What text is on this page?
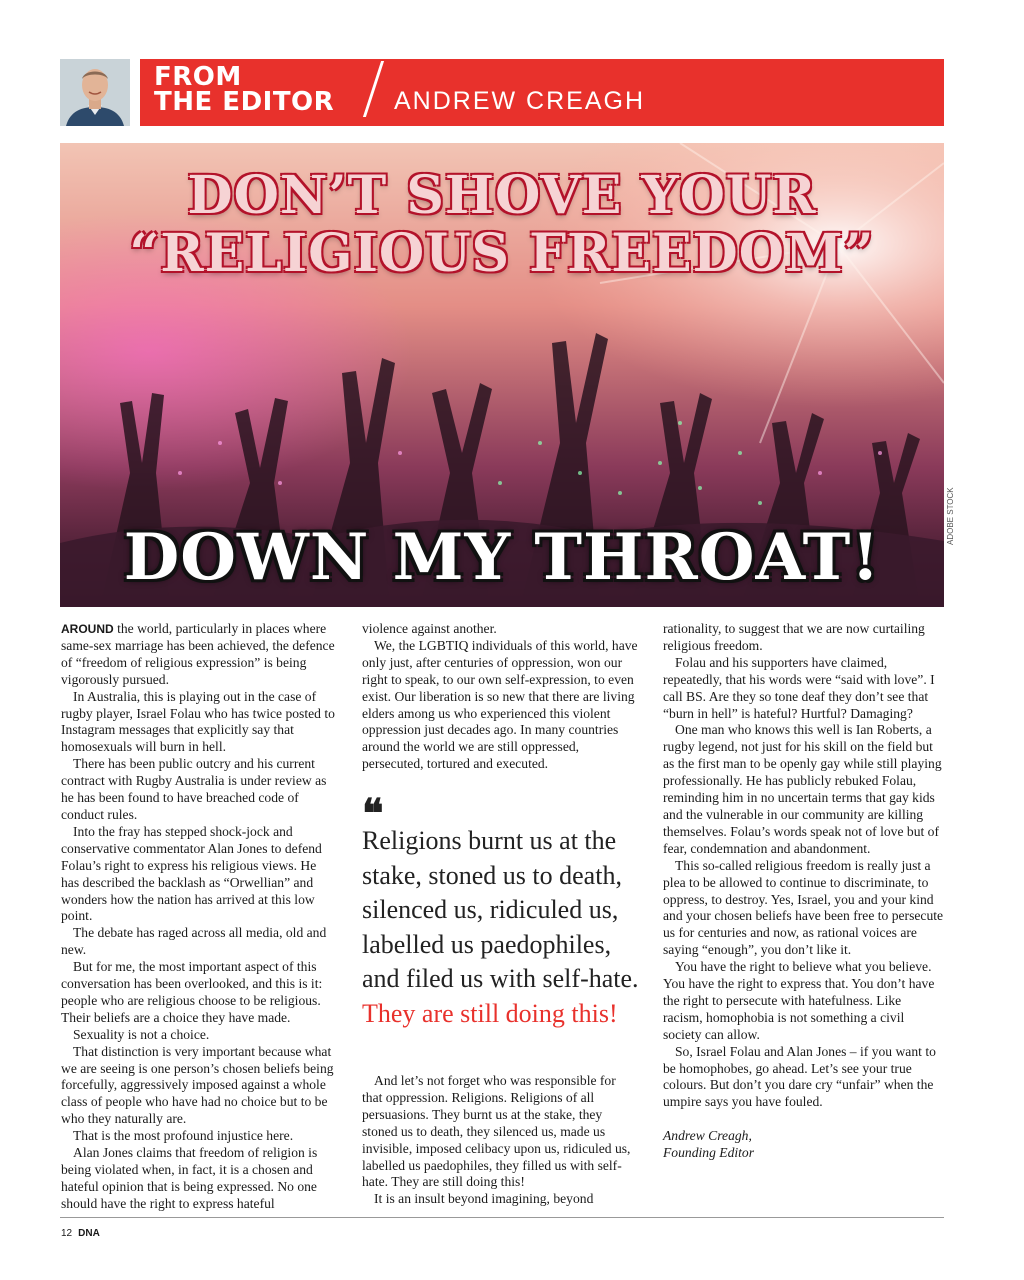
FROM
THE EDITOR ANDREW CREAGH
DON’T SHOVE YOUR
“RELIGIOUS FREEDOM”
DOWN MY THROAT!
ADOBE STOCK

AROUND the world, particularly in places where same-sex marriage has been achieved, the defence of “freedom of religious expression” is being vigorously pursued.

In Australia, this is playing out in the case of rugby player, Israel Folau who has twice posted to Instagram messages that explicitly say that homosexuals will burn in hell.

There has been public outcry and his current contract with Rugby Australia is under review as he has been found to have breached code of conduct rules.

Into the fray has stepped shock-jock and conservative commentator Alan Jones to defend Folau’s right to express his religious views. He has described the backlash as “Orwellian” and wonders how the nation has arrived at this low point.

The debate has raged across all media, old and new.

But for me, the most important aspect of this conversation has been overlooked, and this is it: people who are religious choose to be religious. Their beliefs are a choice they have made.

Sexuality is not a choice.

That distinction is very important because what we are seeing is one person’s chosen beliefs being forcefully, aggressively imposed against a whole class of people who have had no choice but to be who they naturally are.

That is the most profound injustice here.

Alan Jones claims that freedom of religion is being violated when, in fact, it is a chosen and hateful opinion that is being expressed. No one should have the right to express hateful

violence against another.

We, the LGBTIQ individuals of this world, have only just, after centuries of oppression, won our right to speak, to our own self-expression, to even exist. Our liberation is so new that there are living elders among us who experienced this violent oppression just decades ago. In many countries around the world we are still oppressed, persecuted, tortured and executed.

❝
Religions burnt us at the stake, stoned us to death, silenced us, ridiculed us, labelled us paedophiles, and filed us with self-hate. They are still doing this!

And let’s not forget who was responsible for that oppression. Religions. Religions of all persuasions. They burnt us at the stake, they stoned us to death, they silenced us, made us invisible, imposed celibacy upon us, ridiculed us, labelled us paedophiles, they filled us with self-hate. They are still doing this!

It is an insult beyond imagining, beyond

rationality, to suggest that we are now curtailing religious freedom.

Folau and his supporters have claimed, repeatedly, that his words were “said with love”. I call BS. Are they so tone deaf they don’t see that “burn in hell” is hateful? Hurtful? Damaging?

One man who knows this well is Ian Roberts, a rugby legend, not just for his skill on the field but as the first man to be openly gay while still playing professionally. He has publicly rebuked Folau, reminding him in no uncertain terms that gay kids and the vulnerable in our community are killing themselves. Folau’s words speak not of love but of fear, condemnation and abandonment.

This so-called religious freedom is really just a plea to be allowed to continue to discriminate, to oppress, to destroy. Yes, Israel, you and your kind and your chosen beliefs have been free to persecute us for centuries and now, as rational voices are saying “enough”, you don’t like it.

You have the right to believe what you believe. You have the right to express that. You don’t have the right to persecute with hatefulness. Like racism, homophobia is not something a civil society can allow.

So, Israel Folau and Alan Jones – if you want to be homophobes, go ahead. Let’s see your true colours. But don’t you dare cry “unfair” when the umpire says you have fouled.

Andrew Creagh,

Founding Editor

12 DNA
